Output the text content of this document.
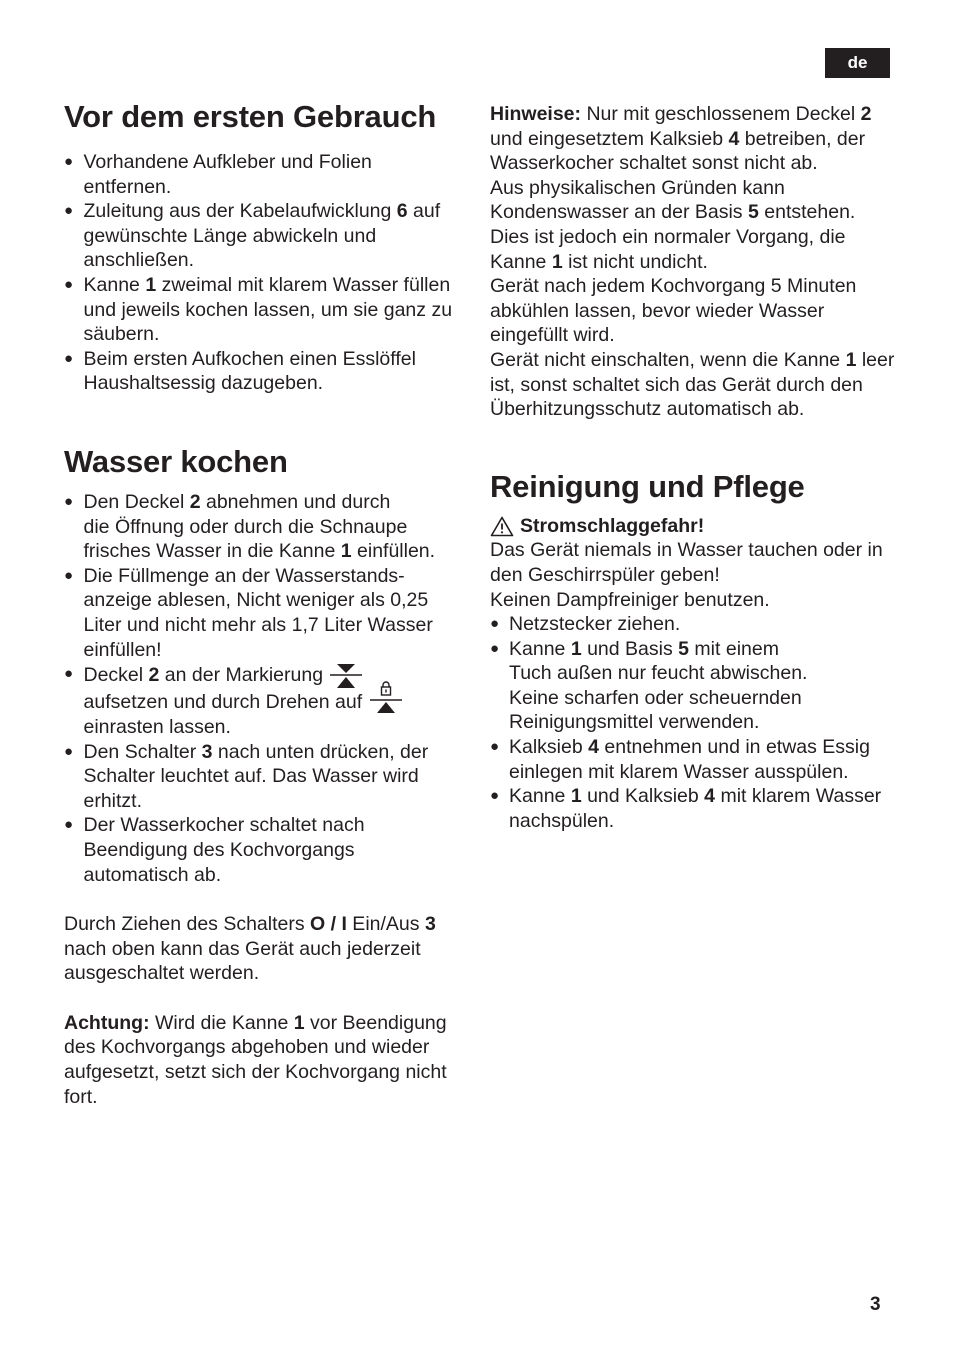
de
Vor dem ersten Gebrauch
● Vorhandene Aufkleber und Folien entfernen.
● Zuleitung aus der Kabelaufwicklung 6 auf gewünschte Länge abwickeln und anschließen.
● Kanne 1 zweimal mit klarem Wasser füllen und jeweils kochen lassen, um sie ganz zu säubern.
● Beim ersten Aufkochen einen Esslöffel Haushaltsessig dazugeben.
Wasser kochen
● Den Deckel 2 abnehmen und durch
die Öffnung oder durch die Schnaupe
frisches Wasser in die Kanne 1 einfüllen.
● Die Füllmenge an der Wasserstands-anzeige ablesen, Nicht weniger als 0,25 Liter und nicht mehr als 1,7 Liter Wasser einfüllen!
● Deckel 2 an der Markierung
aufsetzen und durch Drehen auf
einrasten lassen.
● Den Schalter 3 nach unten drücken, der Schalter leuchtet auf. Das Wasser wird erhitzt.
● Der Wasserkocher schaltet nach Beendigung des Kochvorgangs automatisch ab.

Durch Ziehen des Schalters O / I Ein/Aus 3 nach oben kann das Gerät auch jederzeit ausgeschaltet werden.

Achtung: Wird die Kanne 1 vor Beendigung des Kochvorgangs abgehoben und wieder aufgesetzt, setzt sich der Kochvorgang nicht fort.

Hinweise: Nur mit geschlossenem Deckel 2 und eingesetztem Kalksieb 4 betreiben, der Wasserkocher schaltet sonst nicht ab.

Aus physikalischen Gründen kann Kondenswasser an der Basis 5 entstehen. Dies ist jedoch ein normaler Vorgang, die Kanne 1 ist nicht undicht.

Gerät nach jedem Kochvorgang 5 Minuten abkühlen lassen, bevor wieder Wasser eingefüllt wird.

Gerät nicht einschalten, wenn die Kanne 1 leer ist, sonst schaltet sich das Gerät durch den Überhitzungsschutz automatisch ab.

Reinigung und Pflege
Stromschlaggefahr!

Das Gerät niemals in Wasser tauchen oder in den Geschirrspüler geben!

Keinen Dampfreiniger benutzen.

● Netzstecker ziehen.
● Kanne 1 und Basis 5 mit einem
Tuch außen nur feucht abwischen.
Keine scharfen oder scheuernden
Reinigungsmittel verwenden.
● Kalksieb 4 entnehmen und in etwas Essig einlegen mit klarem Wasser ausspülen.
● Kanne 1 und Kalksieb 4 mit klarem Wasser nachspülen.
3
